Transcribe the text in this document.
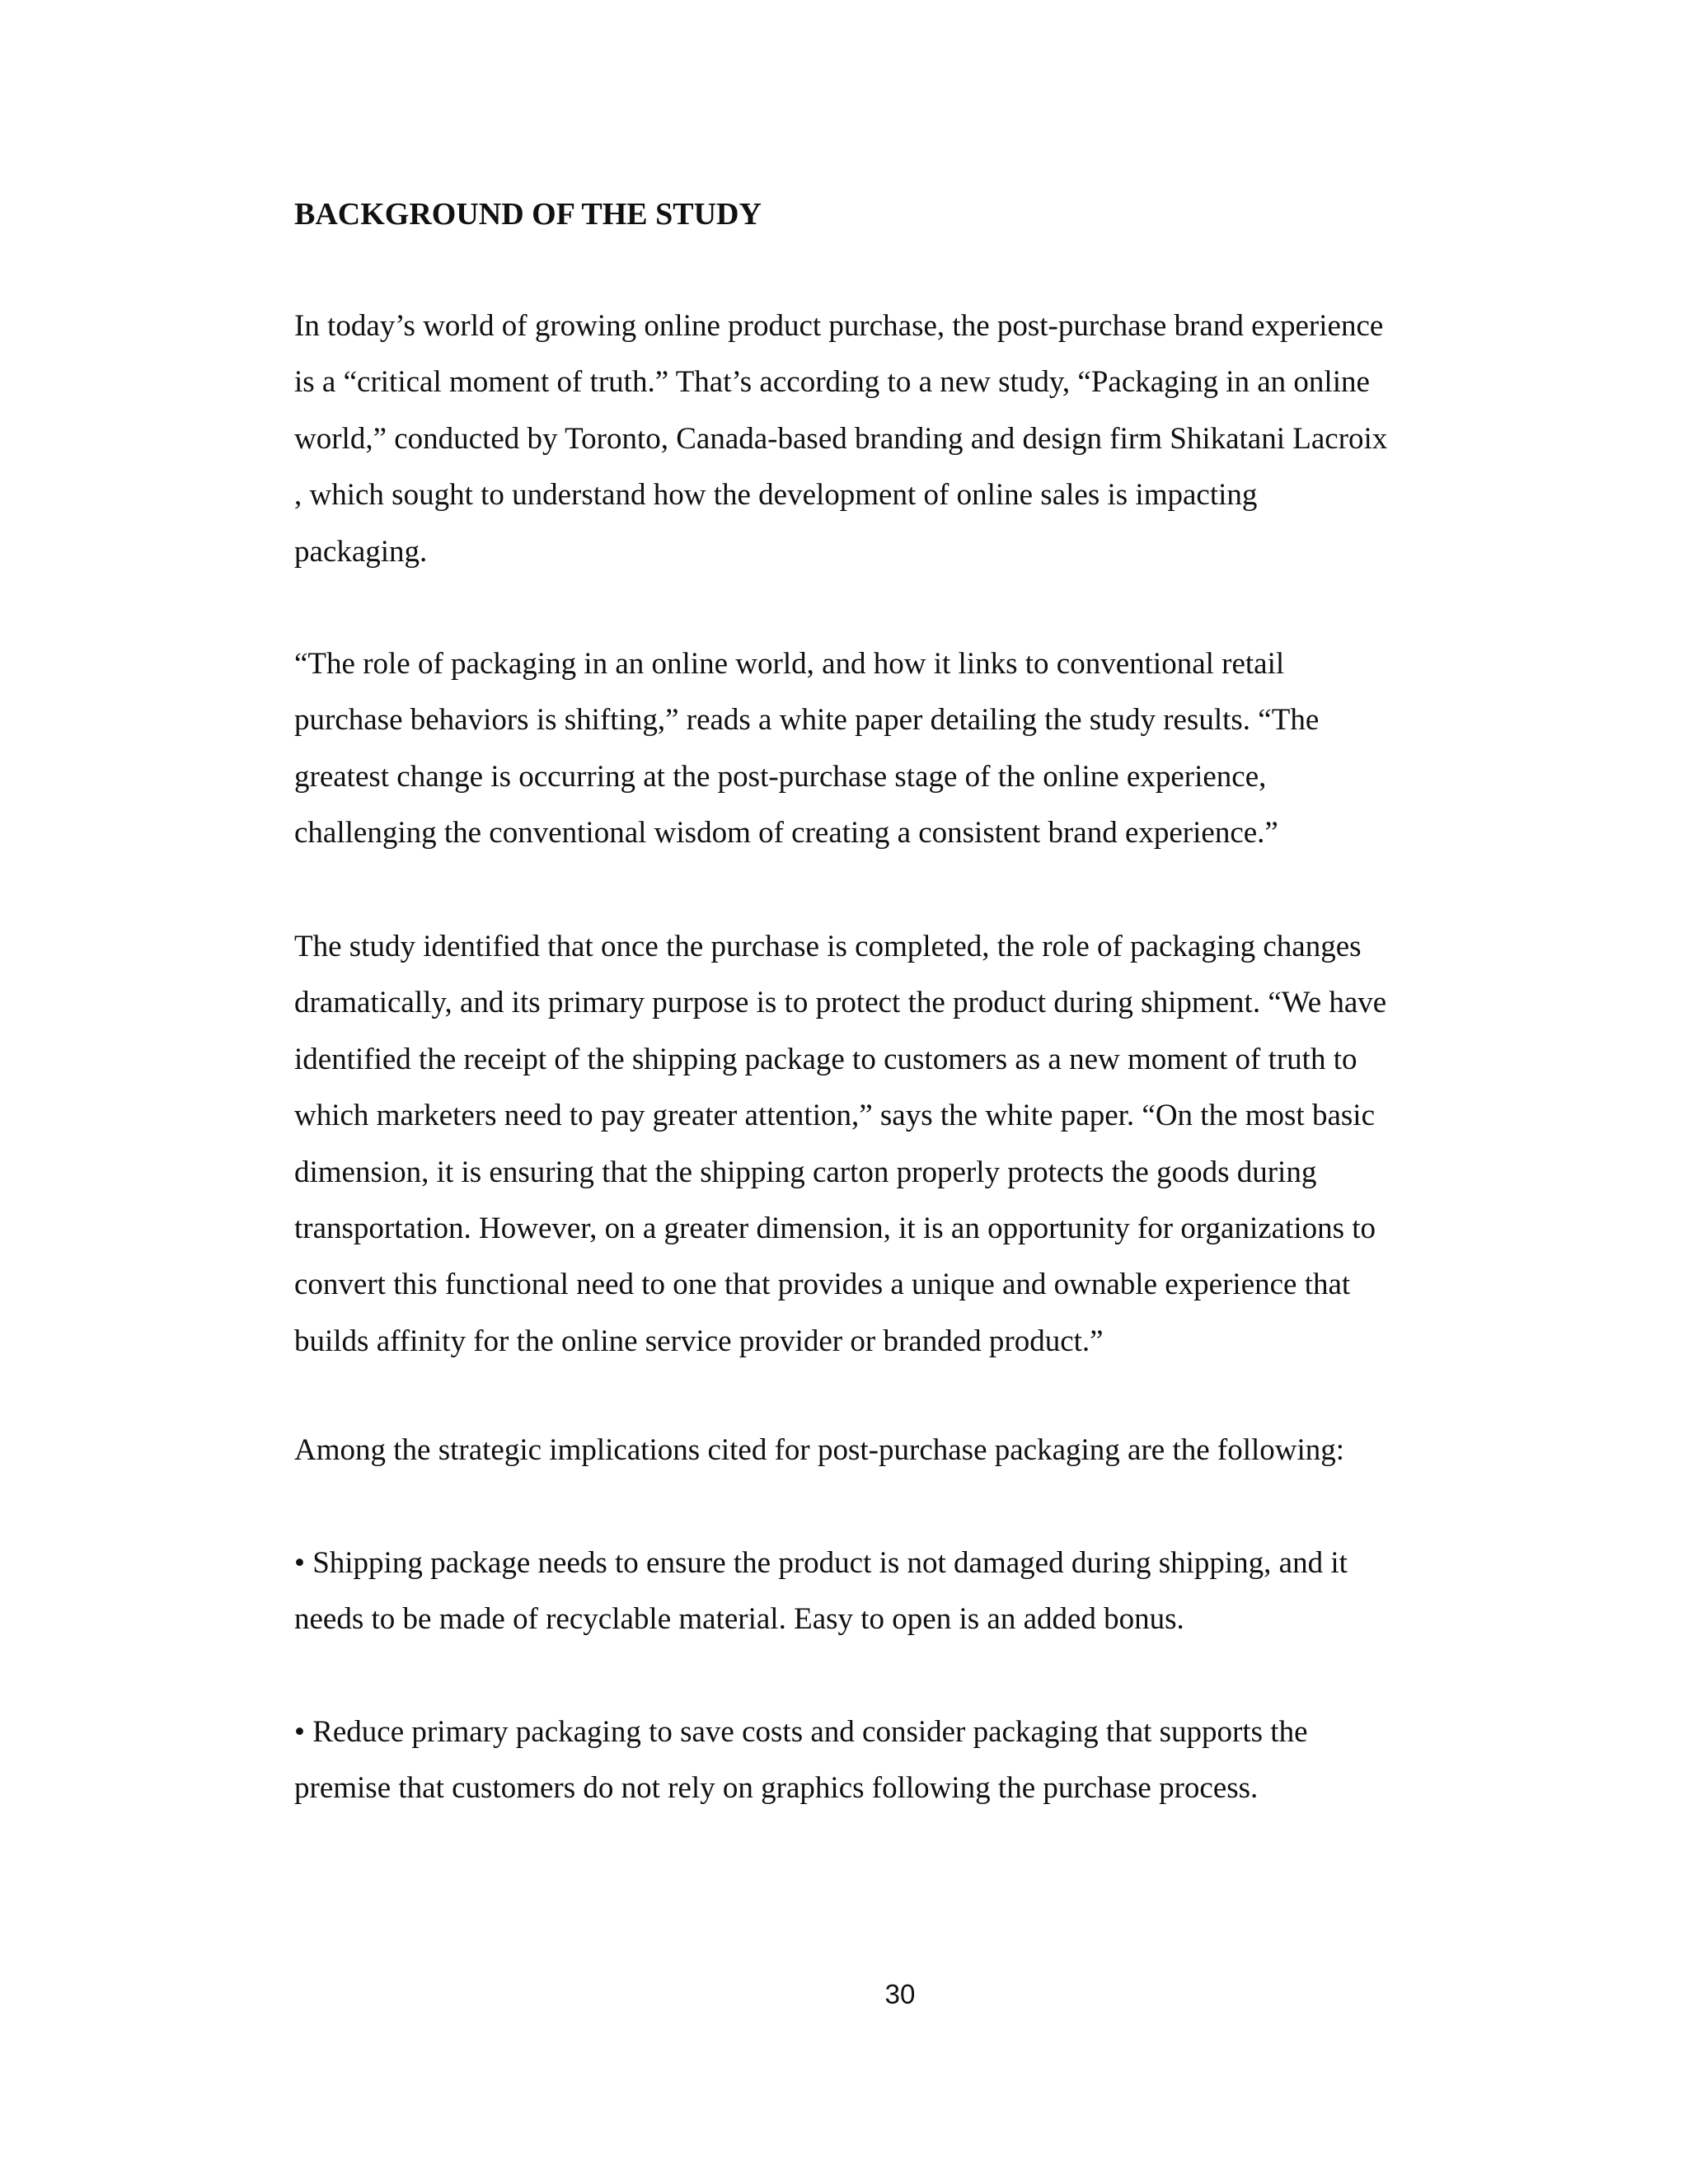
BACKGROUND OF THE STUDY

In today’s world of growing online product purchase, the post-purchase brand experience
is a “critical moment of truth.” That’s according to a new study, “Packaging in an online
world,” conducted by Toronto, Canada-based branding and design firm Shikatani Lacroix
, which sought to understand how the development of online sales is impacting
packaging.

“The role of packaging in an online world, and how it links to conventional retail
purchase behaviors is shifting,” reads a white paper detailing the study results. “The
greatest change is occurring at the post-purchase stage of the online experience,
challenging the conventional wisdom of creating a consistent brand experience.”

The study identified that once the purchase is completed, the role of packaging changes
dramatically, and its primary purpose is to protect the product during shipment. “We have
identified the receipt of the shipping package to customers as a new moment of truth to
which marketers need to pay greater attention,” says the white paper. “On the most basic
dimension, it is ensuring that the shipping carton properly protects the goods during
transportation. However, on a greater dimension, it is an opportunity for organizations to
convert this functional need to one that provides a unique and ownable experience that
builds affinity for the online service provider or branded product.”

Among the strategic implications cited for post-purchase packaging are the following:

• Shipping package needs to ensure the product is not damaged during shipping, and it
needs to be made of recyclable material. Easy to open is an added bonus.

• Reduce primary packaging to save costs and consider packaging that supports the
premise that customers do not rely on graphics following the purchase process.

30
